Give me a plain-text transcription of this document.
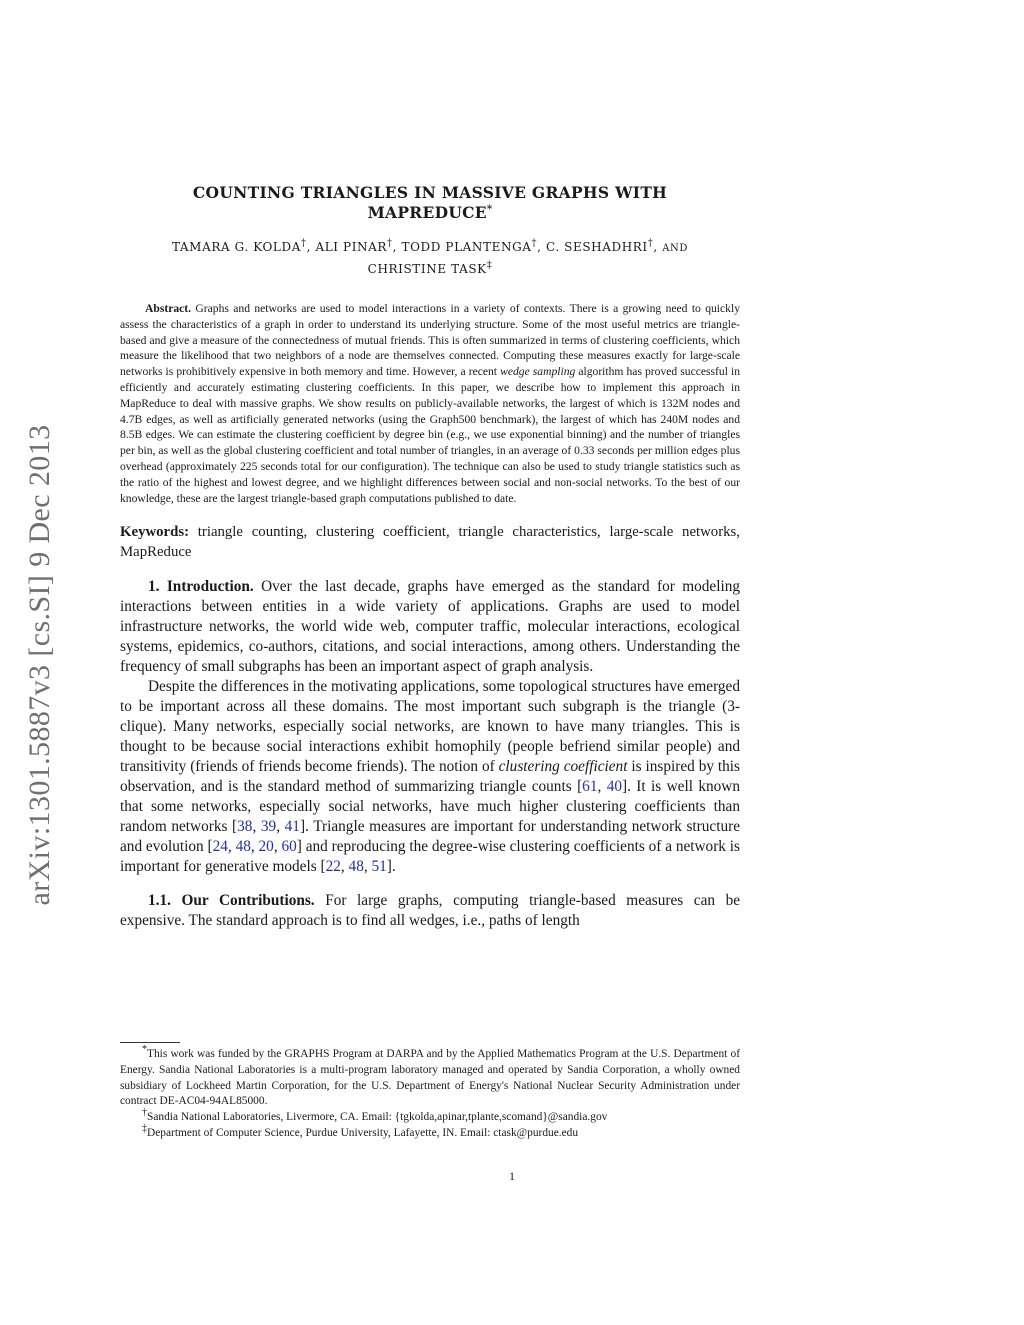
arXiv:1301.5887v3 [cs.SI] 9 Dec 2013
COUNTING TRIANGLES IN MASSIVE GRAPHS WITH
MAPREDUCE*
TAMARA G. KOLDA†, ALI PINAR†, TODD PLANTENGA†, C. SESHADHRI†, AND
CHRISTINE TASK‡
Abstract. Graphs and networks are used to model interactions in a variety of contexts. There is a growing need to quickly assess the characteristics of a graph in order to understand its underlying structure. Some of the most useful metrics are triangle-based and give a measure of the connectedness of mutual friends. This is often summarized in terms of clustering coefficients, which measure the likelihood that two neighbors of a node are themselves connected. Computing these measures exactly for large-scale networks is prohibitively expensive in both memory and time. However, a recent wedge sampling algorithm has proved successful in efficiently and accurately estimating clustering coefficients. In this paper, we describe how to implement this approach in MapReduce to deal with massive graphs. We show results on publicly-available networks, the largest of which is 132M nodes and 4.7B edges, as well as artificially generated networks (using the Graph500 benchmark), the largest of which has 240M nodes and 8.5B edges. We can estimate the clustering coefficient by degree bin (e.g., we use exponential binning) and the number of triangles per bin, as well as the global clustering coefficient and total number of triangles, in an average of 0.33 seconds per million edges plus overhead (approximately 225 seconds total for our configuration). The technique can also be used to study triangle statistics such as the ratio of the highest and lowest degree, and we highlight differences between social and non-social networks. To the best of our knowledge, these are the largest triangle-based graph computations published to date.
Keywords: triangle counting, clustering coefficient, triangle characteristics, large-scale networks, MapReduce

1. Introduction. Over the last decade, graphs have emerged as the standard for modeling interactions between entities in a wide variety of applications. Graphs are used to model infrastructure networks, the world wide web, computer traffic, molecular interactions, ecological systems, epidemics, co-authors, citations, and social interactions, among others. Understanding the frequency of small subgraphs has been an important aspect of graph analysis.

Despite the differences in the motivating applications, some topological structures have emerged to be important across all these domains. The most important such subgraph is the triangle (3-clique). Many networks, especially social networks, are known to have many triangles. This is thought to be because social interactions exhibit homophily (people befriend similar people) and transitivity (friends of friends become friends). The notion of clustering coefficient is inspired by this observation, and is the standard method of summarizing triangle counts [61, 40]. It is well known that some networks, especially social networks, have much higher clustering coefficients than random networks [38, 39, 41]. Triangle measures are important for understanding network structure and evolution [24, 48, 20, 60] and reproducing the degree-wise clustering coefficients of a network is important for generative models [22, 48, 51].

1.1. Our Contributions. For large graphs, computing triangle-based measures can be expensive. The standard approach is to find all wedges, i.e., paths of length

*This work was funded by the GRAPHS Program at DARPA and by the Applied Mathematics Program at the U.S. Department of Energy. Sandia National Laboratories is a multi-program laboratory managed and operated by Sandia Corporation, a wholly owned subsidiary of Lockheed Martin Corporation, for the U.S. Department of Energy's National Nuclear Security Administration under contract DE-AC04-94AL85000.

†Sandia National Laboratories, Livermore, CA. Email: {tgkolda,apinar,tplante,scomand}@sandia.gov

‡Department of Computer Science, Purdue University, Lafayette, IN. Email: ctask@purdue.edu

1
